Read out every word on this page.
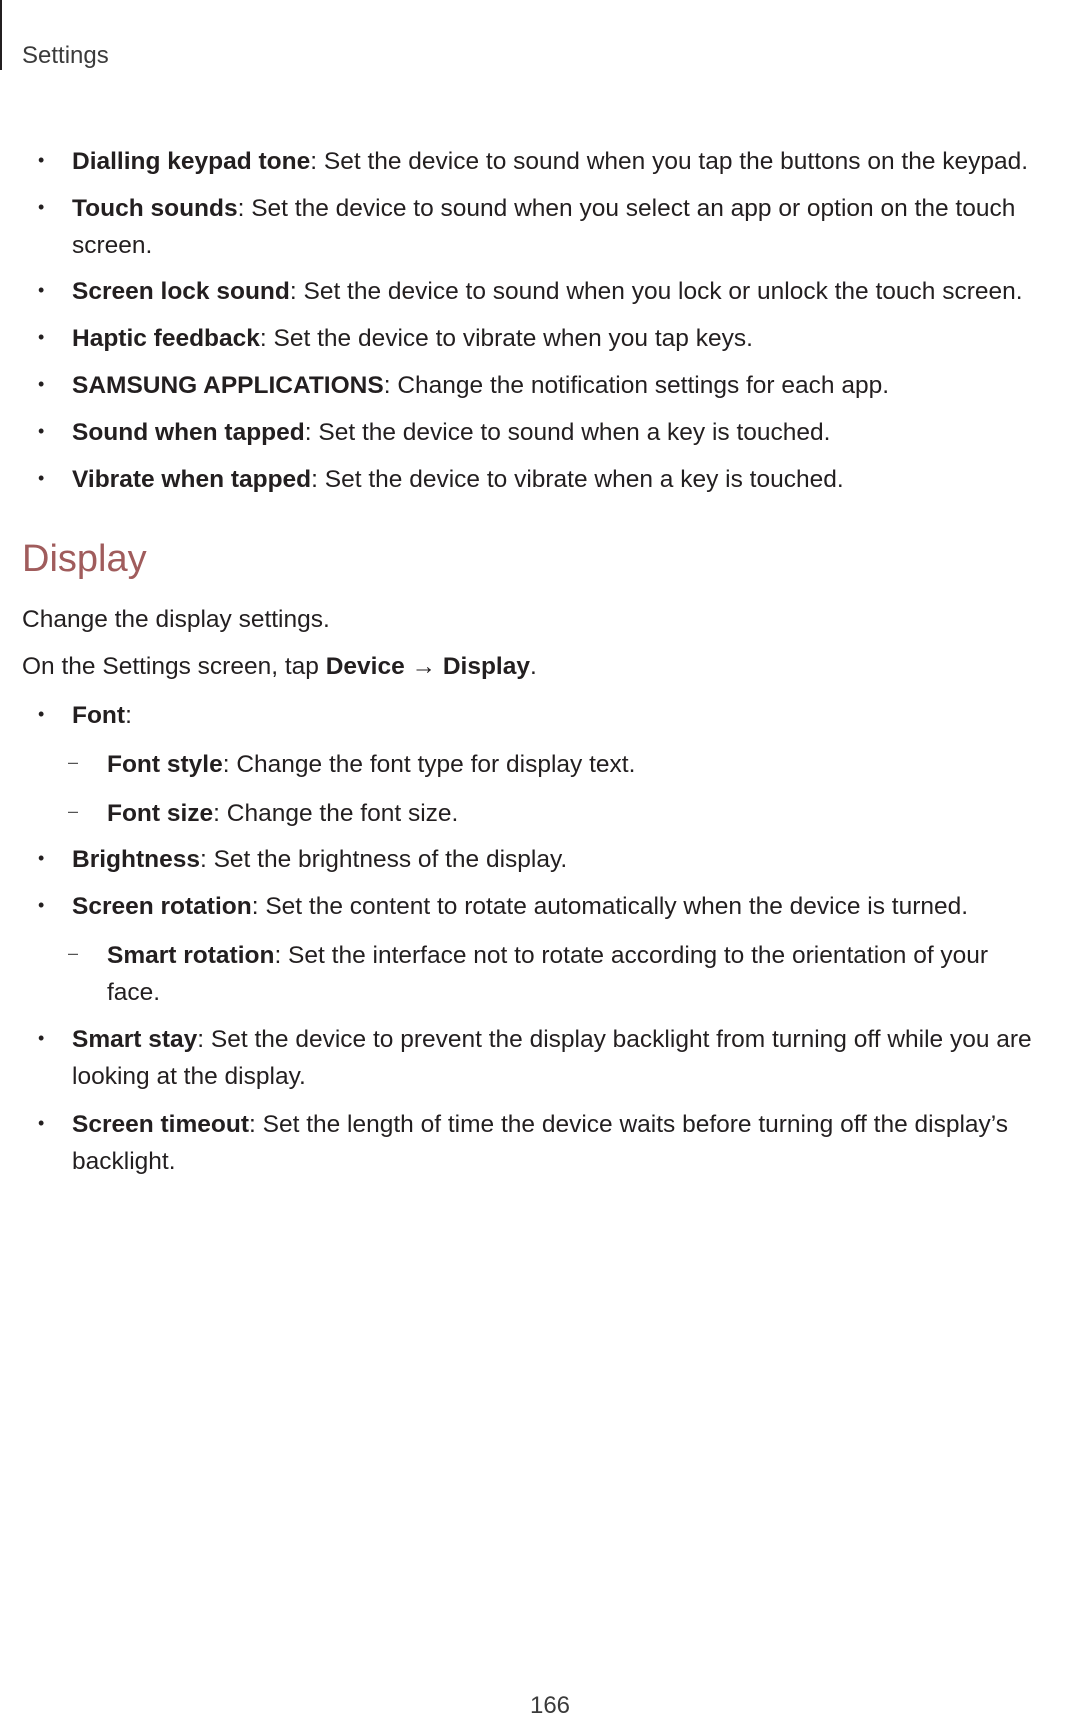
Settings
• Dialling keypad tone: Set the device to sound when you tap the buttons on the keypad.
• Touch sounds: Set the device to sound when you select an app or option on the touch
screen.
• Screen lock sound: Set the device to sound when you lock or unlock the touch screen.
• Haptic feedback: Set the device to vibrate when you tap keys.
• SAMSUNG APPLICATIONS: Change the notification settings for each app.
• Sound when tapped: Set the device to sound when a key is touched.
• Vibrate when tapped: Set the device to vibrate when a key is touched.
Display
Change the display settings.
On the Settings screen, tap Device → Display.
• Font:
– Font style: Change the font type for display text.
– Font size: Change the font size.
• Brightness: Set the brightness of the display.
• Screen rotation: Set the content to rotate automatically when the device is turned.
– Smart rotation: Set the interface not to rotate according to the orientation of your
face.
• Smart stay: Set the device to prevent the display backlight from turning off while you are
looking at the display.
• Screen timeout: Set the length of time the device waits before turning off the display’s
backlight.
166
